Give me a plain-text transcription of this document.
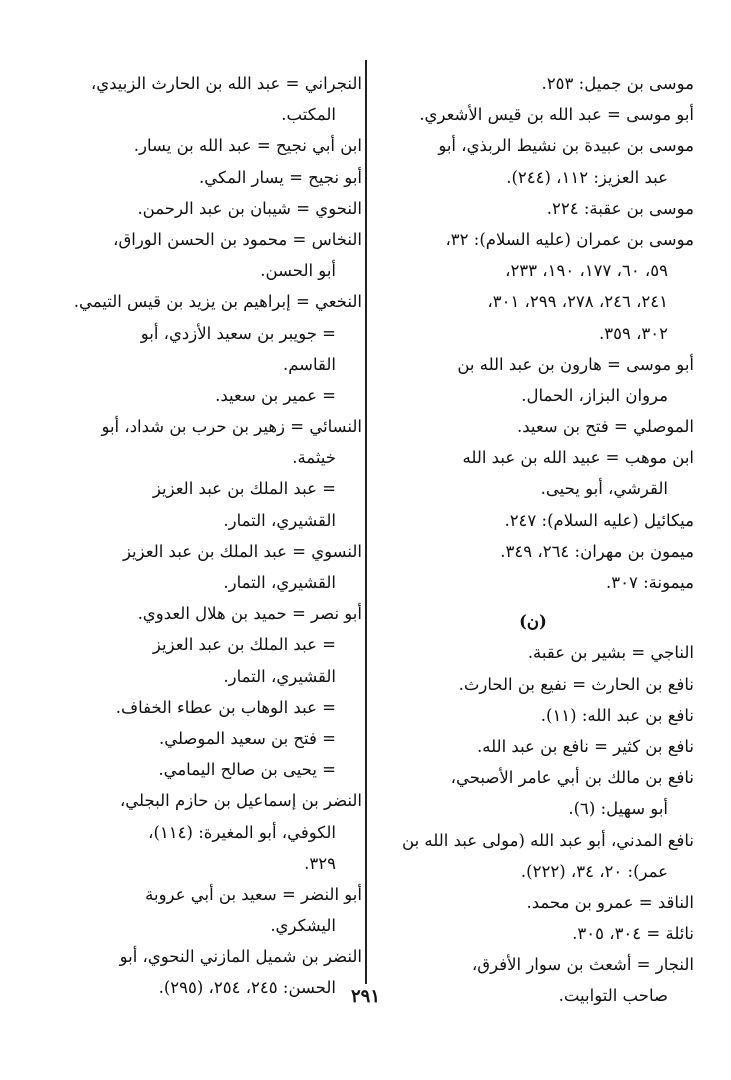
موسى بن جميل: ٢٥٣.
أبو موسى = عبد الله بن قيس الأشعري.
موسى بن عبيدة بن نشيط الربذي، أبو
عبد العزيز: ١١٢، (٢٤٤).
موسى بن عقبة: ٢٢٤.
موسى بن عمران (عليه السلام): ٣٢،
٥٩، ٦٠، ١٧٧، ١٩٠، ٢٣٣،
٢٤١، ٢٤٦، ٢٧٨، ٢٩٩، ٣٠١،
٣٠٢، ٣٥٩.
أبو موسى = هارون بن عبد الله بن
مروان البزاز، الحمال.
الموصلي = فتح بن سعيد.
ابن موهب = عبيد الله بن عبد الله
القرشي، أبو يحيى.
ميكائيل (عليه السلام): ٢٤٧.
ميمون بن مهران: ٢٦٤، ٣٤٩.
ميمونة: ٣٠٧.
(ن)
الناجي = بشير بن عقبة.
نافع بن الحارث = نفيع بن الحارث.
نافع بن عبد الله: (١١).
نافع بن كثير = نافع بن عبد الله.
نافع بن مالك بن أبي عامر الأصبحي،
أبو سهيل: (٦).
نافع المدني، أبو عبد الله (مولى عبد الله بن
عمر): ٢٠، ٣٤، (٢٢٢).
الناقد = عمرو بن محمد.
نائلة = ٣٠٤، ٣٠٥.
النجار = أشعث بن سوار الأفرق،
صاحب التوابيت.
النجراني = عبد الله بن الحارث الزبيدي،
المكتب.
ابن أبي نجيح = عبد الله بن يسار.
أبو نجيح = يسار المكي.
النحوي = شيبان بن عبد الرحمن.
النخاس = محمود بن الحسن الوراق،
أبو الحسن.
النخعي = إبراهيم بن يزيد بن قيس التيمي.
= جويبر بن سعيد الأزدي، أبو
القاسم.
= عمير بن سعيد.
النسائي = زهير بن حرب بن شداد، أبو
خيثمة.
= عبد الملك بن عبد العزيز
القشيري، التمار.
النسوي = عبد الملك بن عبد العزيز
القشيري، التمار.
أبو نصر = حميد بن هلال العدوي.
= عبد الملك بن عبد العزيز
القشيري، التمار.
= عبد الوهاب بن عطاء الخفاف.
= فتح بن سعيد الموصلي.
= يحيى بن صالح اليمامي.
النضر بن إسماعيل بن حازم البجلي،
الكوفي، أبو المغيرة: (١١٤)،
٣٢٩.
أبو النضر = سعيد بن أبي عروبة
اليشكري.
النضر بن شميل المازني النحوي، أبو
الحسن: ٢٤٥، ٢٥٤، (٢٩٥). ٢٩١
